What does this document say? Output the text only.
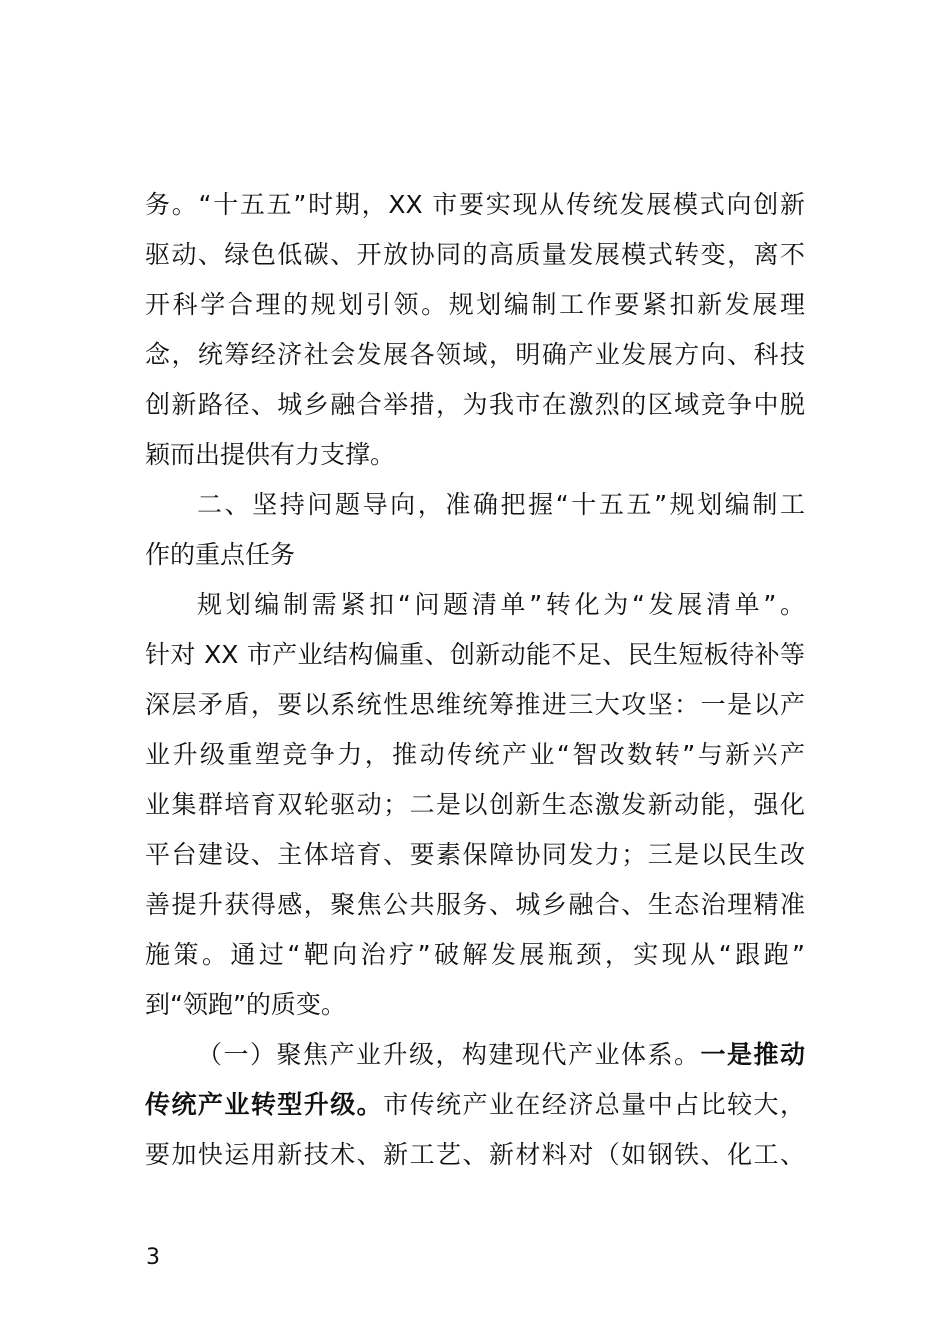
务。“十五五”时期，XX 市要实现从传统发展模式向创新
驱动、绿色低碳、开放协同的高质量发展模式转变，离不
开科学合理的规划引领。规划编制工作要紧扣新发展理
念，统筹经济社会发展各领域，明确产业发展方向、科技
创新路径、城乡融合举措，为我市在激烈的区域竞争中脱
颖而出提供有力支撑。
二、坚持问题导向，准确把握“十五五”规划编制工
作的重点任务
规划编制需紧扣“问题清单”转化为“发展清单”。
针对 XX 市产业结构偏重、创新动能不足、民生短板待补等
深层矛盾，要以系统性思维统筹推进三大攻坚：一是以产
业升级重塑竞争力，推动传统产业“智改数转”与新兴产
业集群培育双轮驱动；二是以创新生态激发新动能，强化
平台建设、主体培育、要素保障协同发力；三是以民生改
善提升获得感，聚焦公共服务、城乡融合、生态治理精准
施策。通过“靶向治疗”破解发展瓶颈，实现从“跟跑”
到“领跑”的质变。
（一）聚焦产业升级，构建现代产业体系。一是推动
传统产业转型升级。市传统产业在经济总量中占比较大，
要加快运用新技术、新工艺、新材料对（如钢铁、化工、
3
